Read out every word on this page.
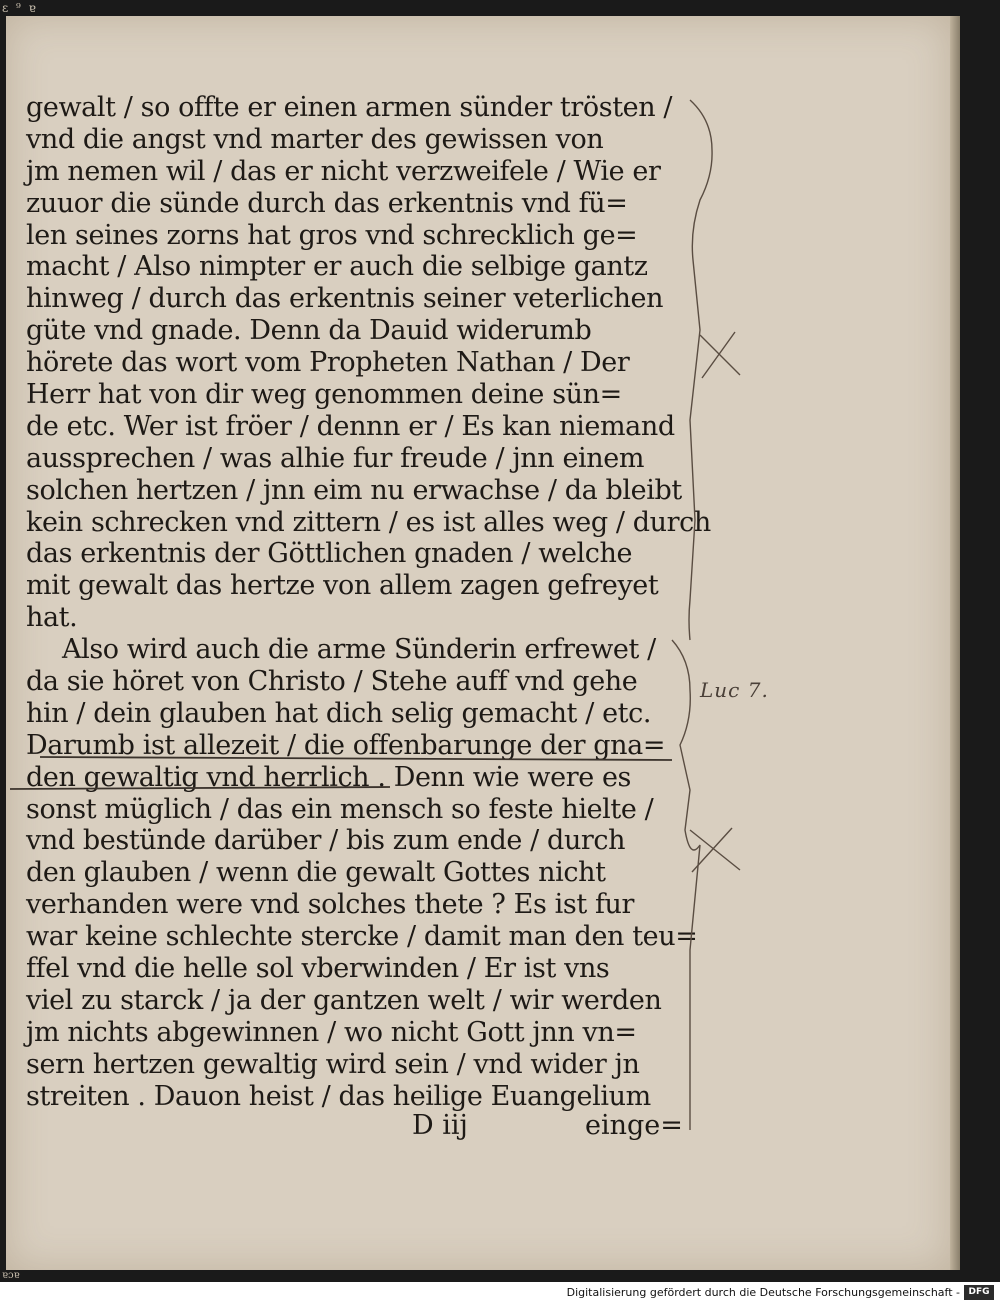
ε ⁹ ɐ
ɐɔɐ
gewalt / so offte er einen armen sünder trösten /
vnd die angst vnd marter des gewissen von
jm nemen wil / das er nicht verzweifele / Wie er
zuuor die sünde durch das erkentnis vnd fü=
len seines zorns hat gros vnd schrecklich ge=
macht / Also nimpter er auch die selbige gantz
hinweg / durch das erkentnis seiner veterlichen
güte vnd gnade. Denn da Dauid widerumb
hörete das wort vom Propheten Nathan / Der
Herr hat von dir weg genommen deine sün=
de etc. Wer ist fröer / dennn er / Es kan niemand
aussprechen / was alhie fur freude / jnn einem
solchen hertzen / jnn eim nu erwachse / da bleibt
kein schrecken vnd zittern / es ist alles weg / durch
das erkentnis der Göttlichen gnaden / welche
mit gewalt das hertze von allem zagen gefreyet
hat.
Also wird auch die arme Sünderin erfrewet /
da sie höret von Christo / Stehe auff vnd gehe
hin / dein glauben hat dich selig gemacht / etc.
Darumb ist allezeit / die offenbarunge der gna=
den gewaltig vnd herrlich . Denn wie were es
sonst müglich / das ein mensch so feste hielte /
vnd bestünde darüber / bis zum ende / durch
den glauben / wenn die gewalt Gottes nicht
verhanden were vnd solches thete ? Es ist fur
war keine schlechte stercke / damit man den teu=
ffel vnd die helle sol vberwinden / Er ist vns
viel zu starck / ja der gantzen welt / wir werden
jm nichts abgewinnen / wo nicht Gott jnn vn=
sern hertzen gewaltig wird sein / vnd wider jn
streiten . Dauon heist / das heilige Euangelium
D iij	einge=
Luc 7.
Digitalisierung gefördert durch die Deutsche Forschungsgemeinschaft - DFG
